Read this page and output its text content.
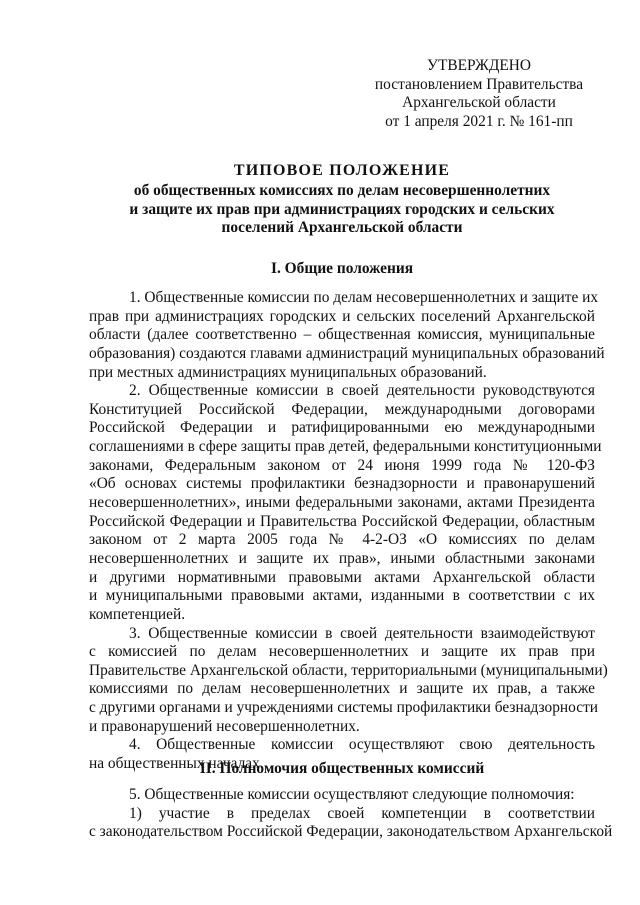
УТВЕРЖДЕНО
постановлением Правительства
Архангельской области
от 1 апреля 2021 г. № 161-пп
ТИПОВОЕ ПОЛОЖЕНИЕ
об общественных комиссиях по делам несовершеннолетних
и защите их прав при администрациях городских и сельских
поселений Архангельской области
I. Общие положения
1. Общественные комиссии по делам несовершеннолетних и защите их
прав при администрациях городских и сельских поселений Архангельской
области (далее соответственно – общественная комиссия, муниципальные
образования) создаются главами администраций муниципальных образований
при местных администрациях муниципальных образований.
2. Общественные комиссии в своей деятельности руководствуются
Конституцией Российской Федерации, международными договорами
Российской Федерации и ратифицированными ею международными
соглашениями в сфере защиты прав детей, федеральными конституционными
законами, Федеральным законом от 24 июня 1999 года № 120-ФЗ
«Об основах системы профилактики безнадзорности и правонарушений
несовершеннолетних», иными федеральными законами, актами Президента
Российской Федерации и Правительства Российской Федерации, областным
законом от 2 марта 2005 года № 4-2-ОЗ «О комиссиях по делам
несовершеннолетних и защите их прав», иными областными законами
и другими нормативными правовыми актами Архангельской области
и муниципальными правовыми актами, изданными в соответствии с их
компетенцией.
3. Общественные комиссии в своей деятельности взаимодействуют
с комиссией по делам несовершеннолетних и защите их прав при
Правительстве Архангельской области, территориальными (муниципальными)
комиссиями по делам несовершеннолетних и защите их прав, а также
с другими органами и учреждениями системы профилактики безнадзорности
и правонарушений несовершеннолетних.
4. Общественные комиссии осуществляют свою деятельность
на общественных началах.
II. Полномочия общественных комиссий
5. Общественные комиссии осуществляют следующие полномочия:
1) участие в пределах своей компетенции в соответствии
с законодательством Российской Федерации, законодательством Архангельской
